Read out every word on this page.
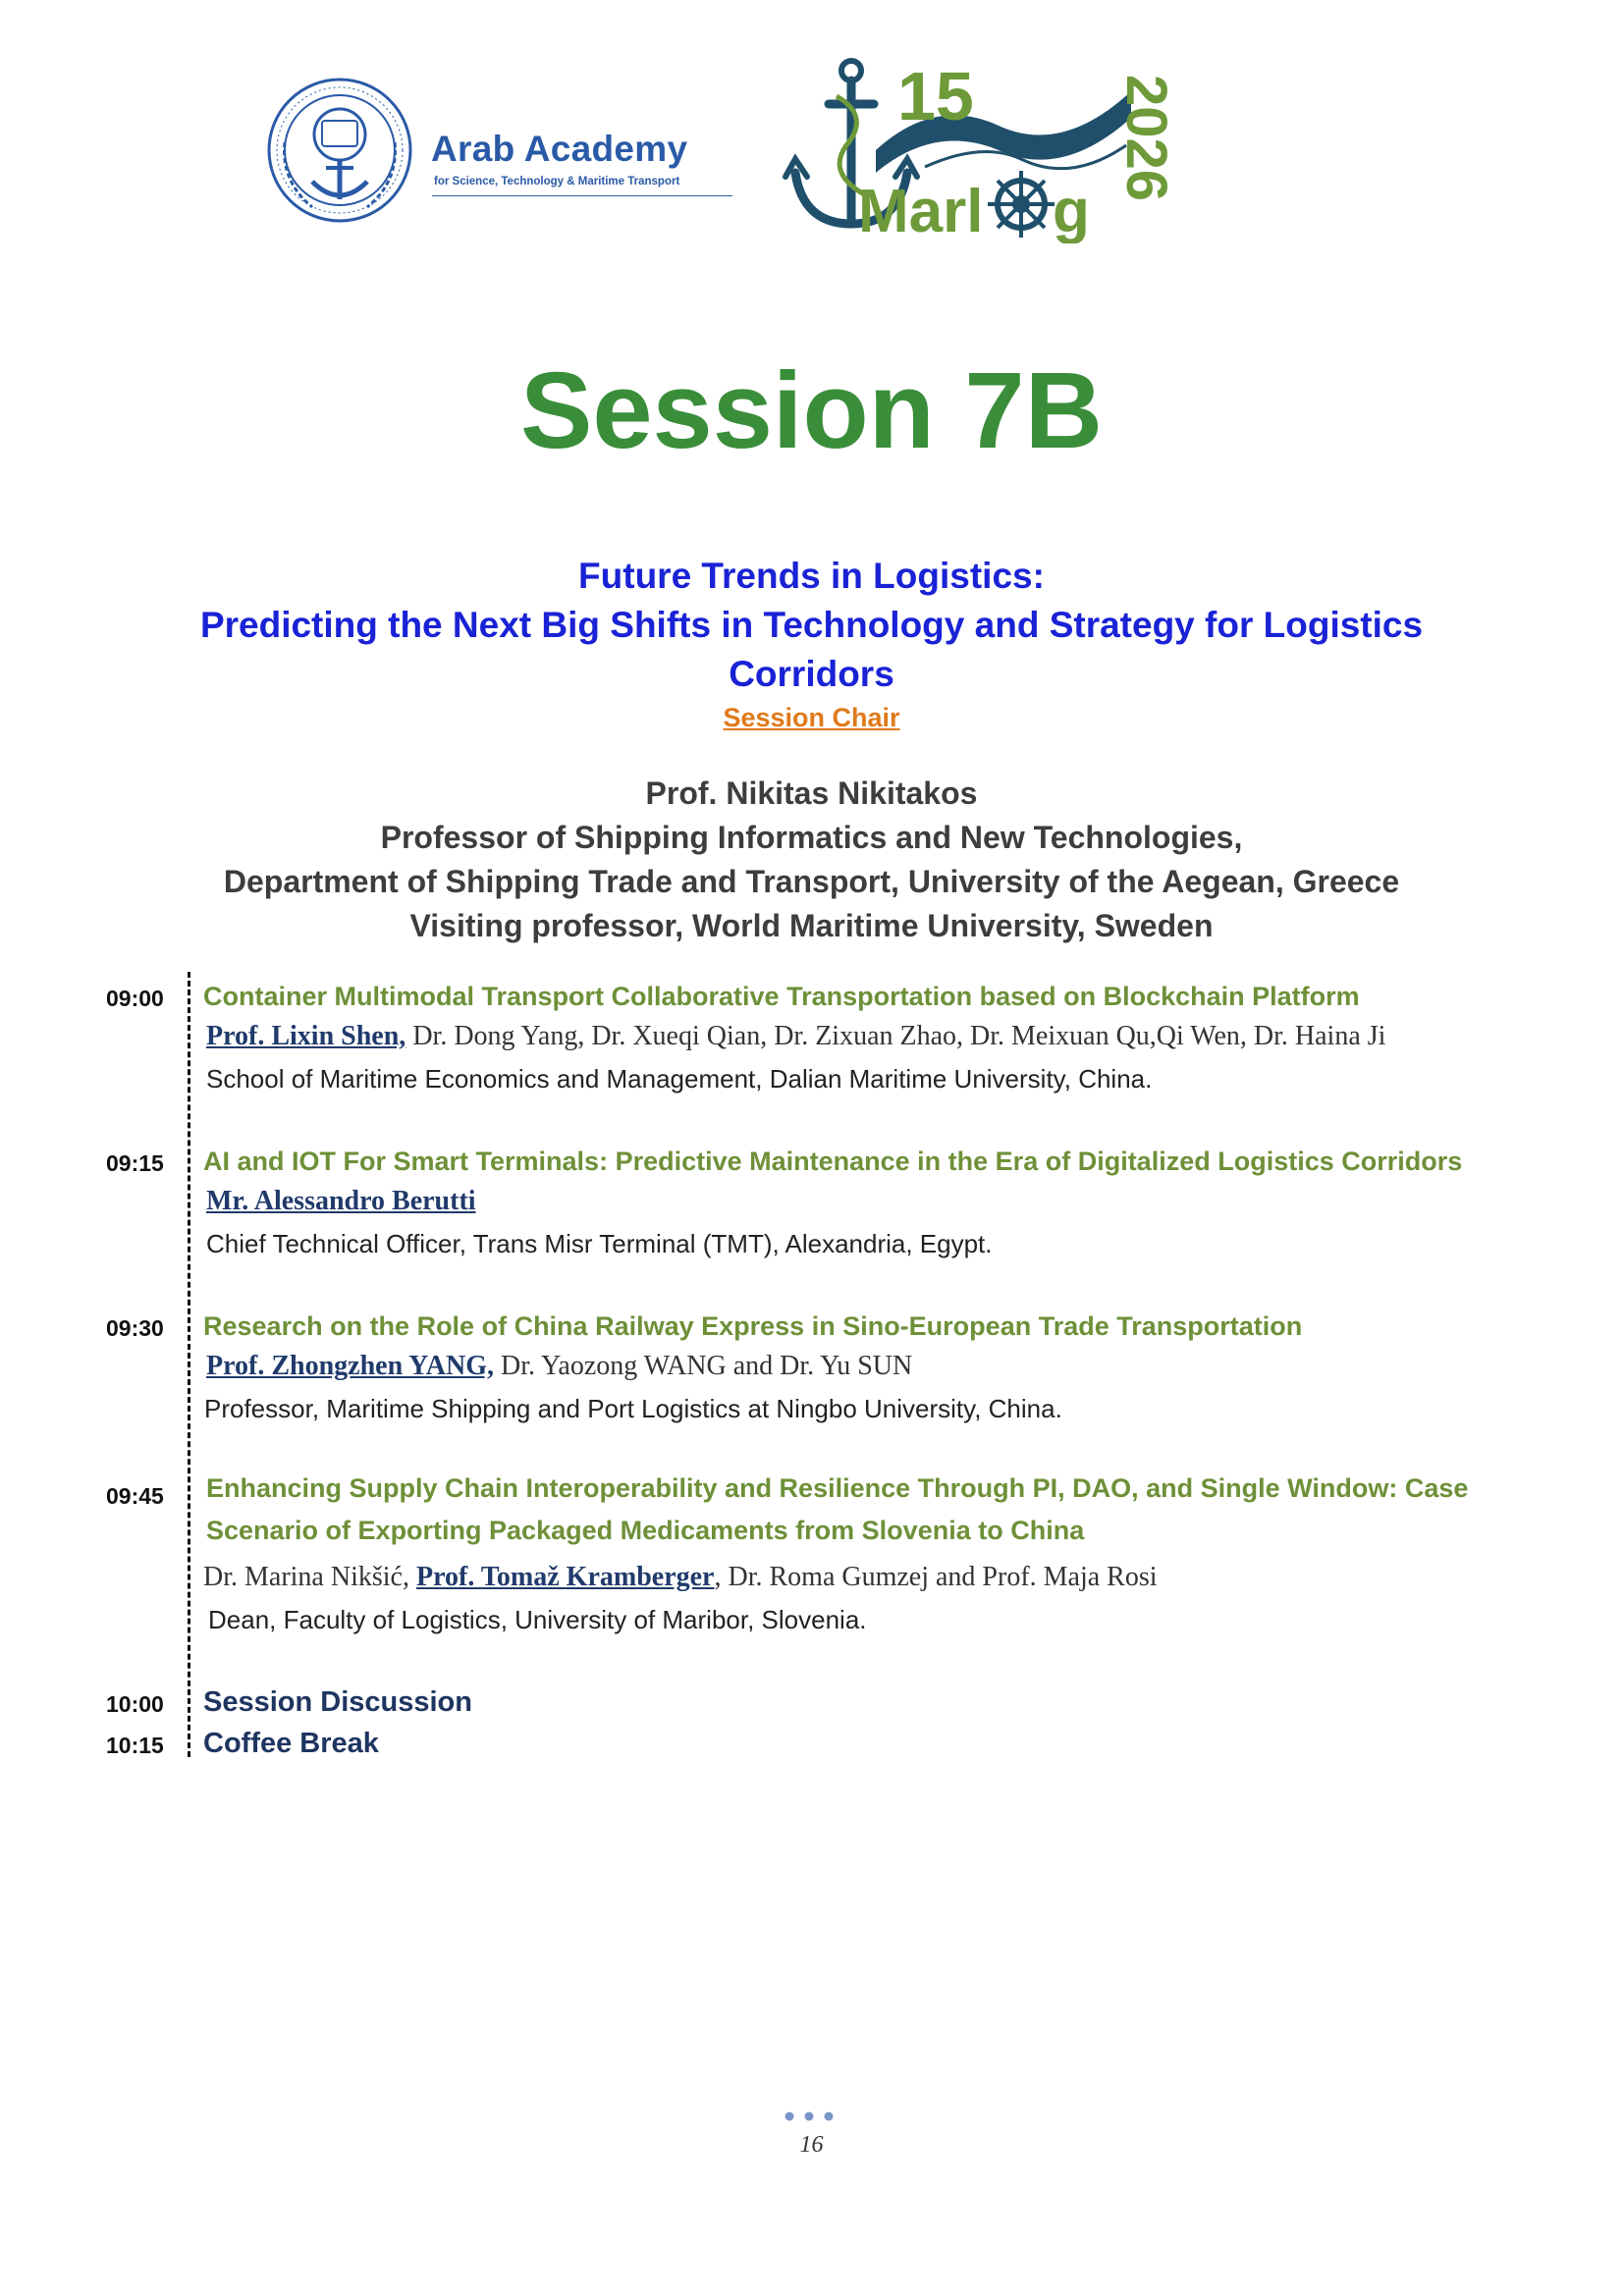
Arab Academy
for Science, Technology & Maritime Transport
15
Marl g
2026
Session 7B
Future Trends in Logistics:
Predicting the Next Big Shifts in Technology and Strategy for Logistics
Corridors
Session Chair
Prof. Nikitas Nikitakos
Professor of Shipping Informatics and New Technologies,
Department of Shipping Trade and Transport, University of the Aegean, Greece
Visiting professor, World Maritime University, Sweden
09:00 Container Multimodal Transport Collaborative Transportation based on Blockchain Platform
Prof. Lixin Shen, Dr. Dong Yang, Dr. Xueqi Qian, Dr. Zixuan Zhao, Dr. Meixuan Qu,Qi Wen, Dr. Haina Ji
School of Maritime Economics and Management, Dalian Maritime University, China.
09:15 AI and IOT For Smart Terminals: Predictive Maintenance in the Era of Digitalized Logistics Corridors
Mr. Alessandro Berutti
Chief Technical Officer, Trans Misr Terminal (TMT), Alexandria, Egypt.
09:30 Research on the Role of China Railway Express in Sino-European Trade Transportation
Prof. Zhongzhen YANG, Dr. Yaozong WANG and Dr. Yu SUN
Professor, Maritime Shipping and Port Logistics at Ningbo University, China.
09:45 Enhancing Supply Chain Interoperability and Resilience Through PI, DAO, and Single Window: Case
Scenario of Exporting Packaged Medicaments from Slovenia to China
Dr. Marina Nikšić, Prof. Tomaž Kramberger, Dr. Roma Gumzej and Prof. Maja Rosi
Dean, Faculty of Logistics, University of Maribor, Slovenia.
10:00 Session Discussion
10:15 Coffee Break
16
